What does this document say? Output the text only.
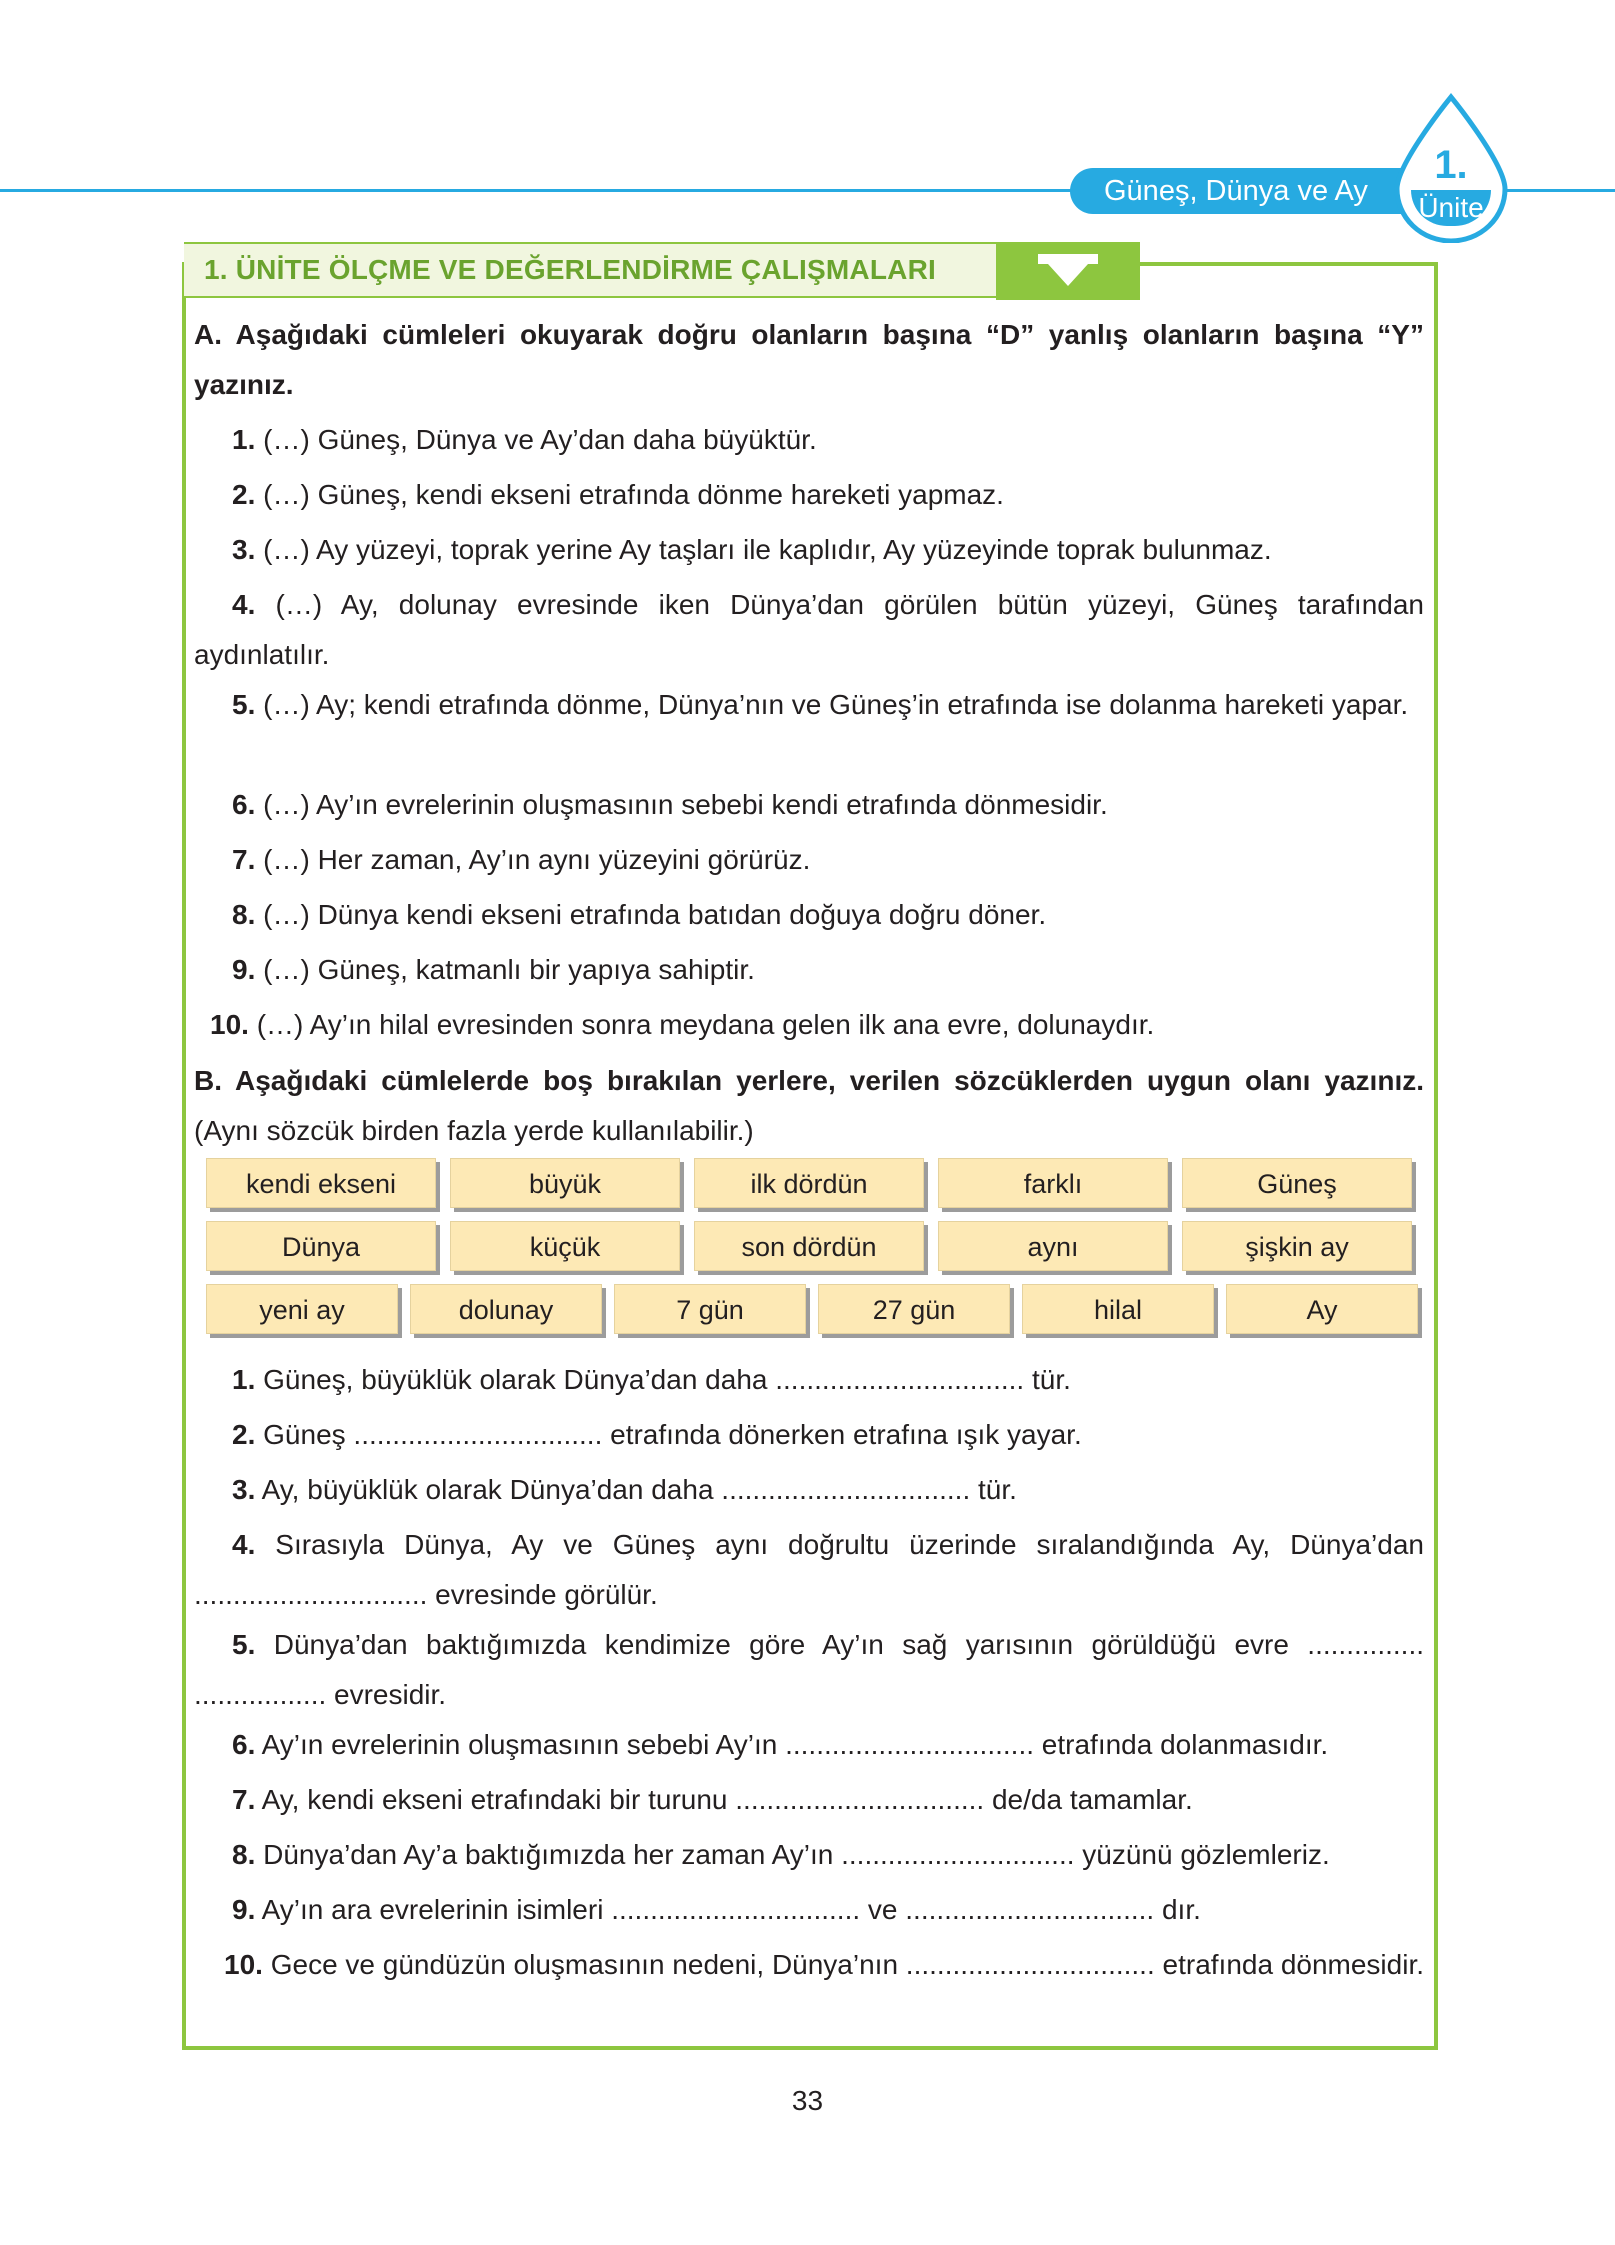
Güneş, Dünya ve Ay
1.
Ünite
1. ÜNİTE ÖLÇME VE DEĞERLENDİRME ÇALIŞMALARI
A. Aşağıdaki cümleleri okuyarak doğru olanların başına “D” yanlış olanların başına “Y” yazınız.
1. (…) Güneş, Dünya ve Ay’dan daha büyüktür.
2. (…) Güneş, kendi ekseni etrafında dönme hareketi yapmaz.
3. (…) Ay yüzeyi, toprak yerine Ay taşları ile kaplıdır, Ay yüzeyinde toprak bulunmaz.
4. (…) Ay, dolunay evresinde iken Dünya’dan görülen bütün yüzeyi, Güneş tarafından aydınlatılır.
5. (…) Ay; kendi etrafında dönme, Dünya’nın ve Güneş’in etrafında ise dolanma hareketi yapar.
6. (…) Ay’ın evrelerinin oluşmasının sebebi kendi etrafında dönmesidir.
7. (…) Her zaman, Ay’ın aynı yüzeyini görürüz.
8. (…) Dünya kendi ekseni etrafında batıdan doğuya doğru döner.
9. (…) Güneş, katmanlı bir yapıya sahiptir.
10. (…) Ay’ın hilal evresinden sonra meydana gelen ilk ana evre, dolunaydır.
B. Aşağıdaki cümlelerde boş bırakılan yerlere, verilen sözcüklerden uygun olanı yazınız. (Aynı sözcük birden fazla yerde kullanılabilir.)
kendi ekseni	büyük	ilk dördün	farklı	Güneş
Dünya	küçük	son dördün	aynı	şişkin ay
yeni ay	dolunay	7 gün	27 gün	hilal	Ay
1. Güneş, büyüklük olarak Dünya’dan daha ................................ tür.
2. Güneş ................................ etrafında dönerken etrafına ışık yayar.
3. Ay, büyüklük olarak Dünya’dan daha ................................ tür.
4. Sırasıyla Dünya, Ay ve Güneş aynı doğrultu üzerinde sıralandığında Ay, Dünya’dan .............................. evresinde görülür.
5. Dünya’dan baktığımızda kendimize göre Ay’ın sağ yarısının görüldüğü evre ............... ................. evresidir.
6. Ay’ın evrelerinin oluşmasının sebebi Ay’ın ................................ etrafında dolanmasıdır.
7. Ay, kendi ekseni etrafındaki bir turunu ................................ de/da tamamlar.
8. Dünya’dan Ay’a baktığımızda her zaman Ay’ın .............................. yüzünü gözlemleriz.
9. Ay’ın ara evrelerinin isimleri ................................ ve ................................ dır.
10. Gece ve gündüzün oluşmasının nedeni, Dünya’nın ................................ etrafında dönmesidir.
33
